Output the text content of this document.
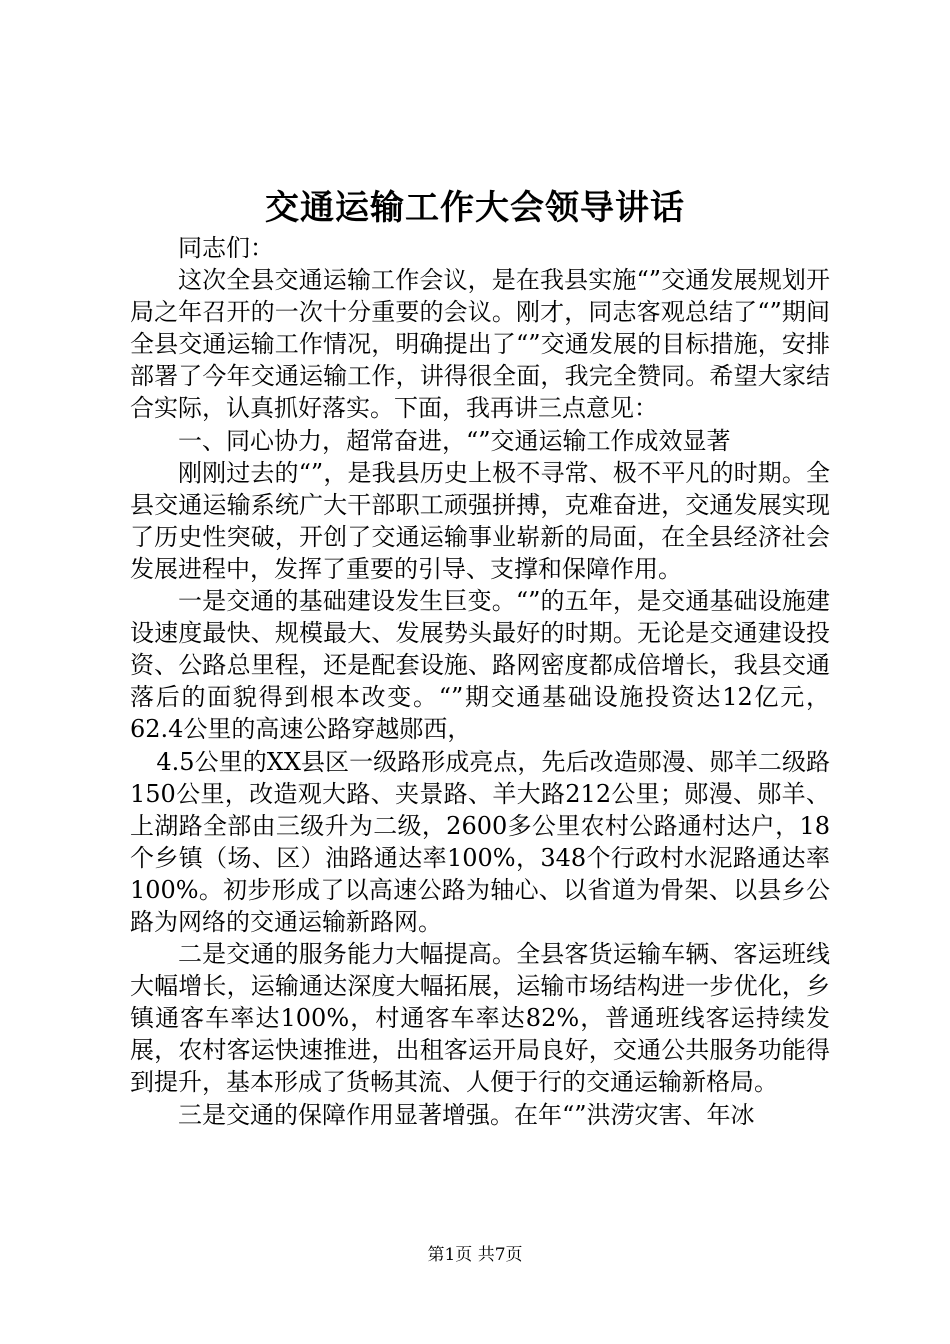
交通运输工作大会领导讲话

同志们：

这次全县交通运输工作会议，是在我县实施“”交通发展规划开局之年召开的一次十分重要的会议。刚才，同志客观总结了“”期间全县交通运输工作情况，明确提出了“”交通发展的目标措施，安排部署了今年交通运输工作，讲得很全面，我完全赞同。希望大家结合实际，认真抓好落实。下面，我再讲三点意见：

一、同心协力，超常奋进，“”交通运输工作成效显著

刚刚过去的“”，是我县历史上极不寻常、极不平凡的时期。全县交通运输系统广大干部职工顽强拼搏，克难奋进，交通发展实现了历史性突破，开创了交通运输事业崭新的局面，在全县经济社会发展进程中，发挥了重要的引导、支撑和保障作用。

一是交通的基础建设发生巨变。“”的五年，是交通基础设施建设速度最快、规模最大、发展势头最好的时期。无论是交通建设投资、公路总里程，还是配套设施、路网密度都成倍增长，我县交通落后的面貌得到根本改变。“”期交通基础设施投资达12亿元，62.4公里的高速公路穿越郧西，

4.5公里的XX县区一级路形成亮点，先后改造郧漫、郧羊二级路150公里，改造观大路、夹景路、羊大路212公里；郧漫、郧羊、上湖路全部由三级升为二级，2600多公里农村公路通村达户，18个乡镇（场、区）油路通达率100%，348个行政村水泥路通达率100%。初步形成了以高速公路为轴心、以省道为骨架、以县乡公路为网络的交通运输新路网。

二是交通的服务能力大幅提高。全县客货运输车辆、客运班线大幅增长，运输通达深度大幅拓展，运输市场结构进一步优化，乡镇通客车率达100%，村通客车率达82%，普通班线客运持续发展，农村客运快速推进，出租客运开局良好，交通公共服务功能得到提升，基本形成了货畅其流、人便于行的交通运输新格局。

三是交通的保障作用显著增强。在年“”洪涝灾害、年冰

第1页 共7页
